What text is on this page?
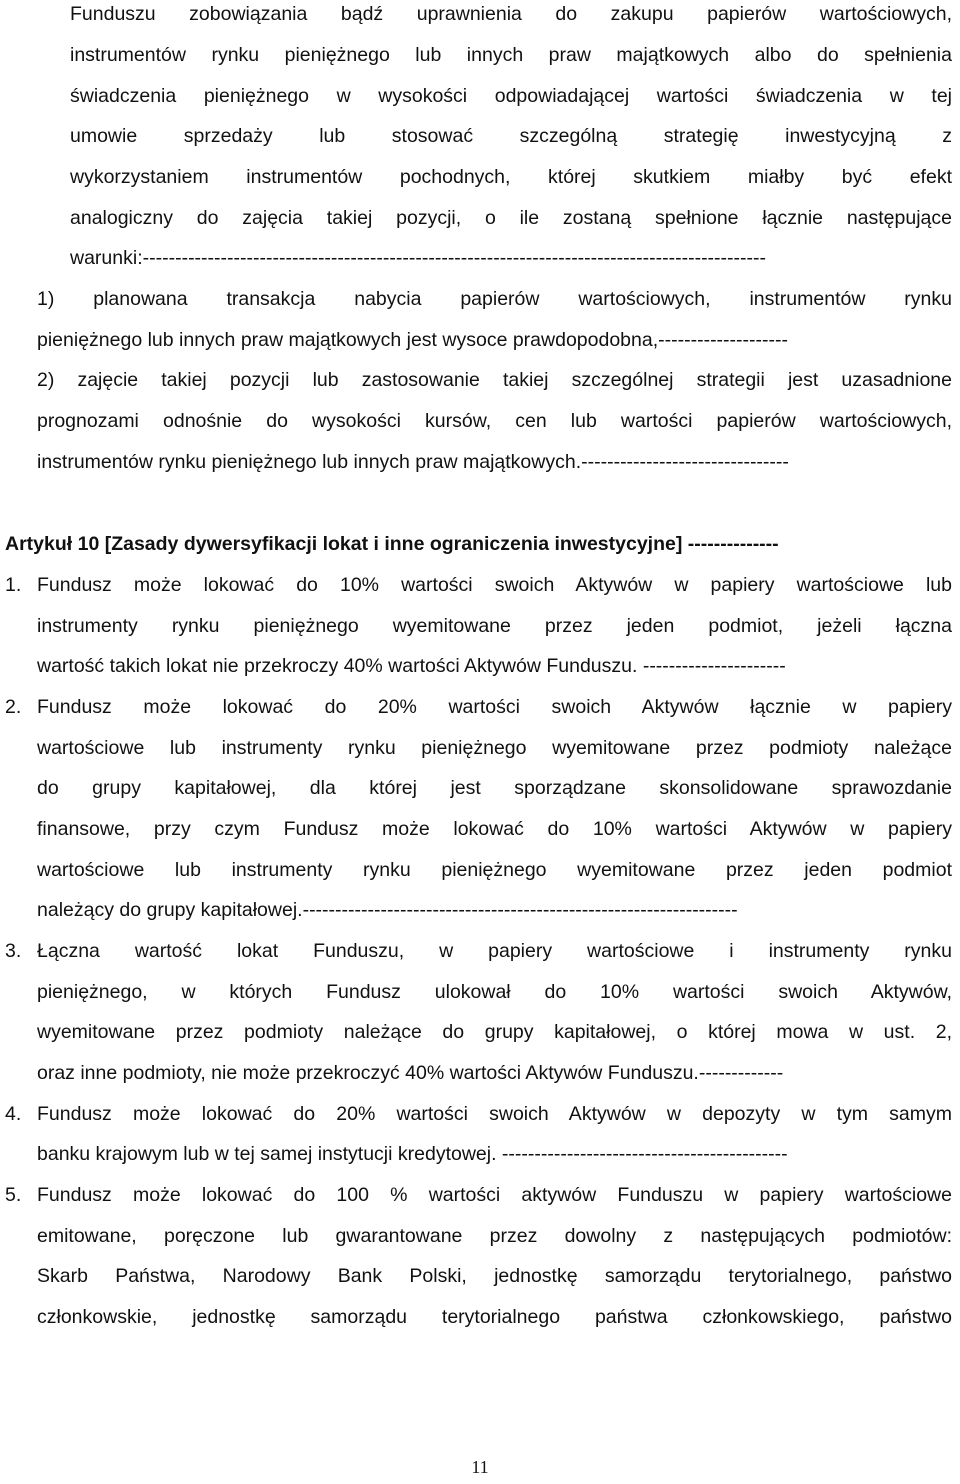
Funduszu zobowiązania bądź uprawnienia do zakupu papierów wartościowych,
instrumentów rynku pieniężnego lub innych praw majątkowych albo do spełnienia
świadczenia pieniężnego w wysokości odpowiadającej wartości świadczenia w tej
umowie sprzedaży lub stosować szczególną strategię inwestycyjną z
wykorzystaniem instrumentów pochodnych, której skutkiem miałby być efekt
analogiczny do zajęcia takiej pozycji, o ile zostaną spełnione łącznie następujące
warunki:------------------------------------------------------------------------------------------------
1) planowana transakcja nabycia papierów wartościowych, instrumentów rynku
pieniężnego lub innych praw majątkowych jest wysoce prawdopodobna,--------------------
2) zajęcie takiej pozycji lub zastosowanie takiej szczególnej strategii jest uzasadnione
prognozami odnośnie do wysokości kursów, cen lub wartości papierów wartościowych,
instrumentów rynku pieniężnego lub innych praw majątkowych.--------------------------------
Artykuł 10 [Zasady dywersyfikacji lokat i inne ograniczenia inwestycyjne] --------------
1. Fundusz może lokować do 10% wartości swoich Aktywów w papiery wartościowe lub
instrumenty rynku pieniężnego wyemitowane przez jeden podmiot, jeżeli łączna
wartość takich lokat nie przekroczy 40% wartości Aktywów Funduszu. ----------------------
2. Fundusz może lokować do 20% wartości swoich Aktywów łącznie w papiery
wartościowe lub instrumenty rynku pieniężnego wyemitowane przez podmioty należące
do grupy kapitałowej, dla której jest sporządzane skonsolidowane sprawozdanie
finansowe, przy czym Fundusz może lokować do 10% wartości Aktywów w papiery
wartościowe lub instrumenty rynku pieniężnego wyemitowane przez jeden podmiot
należący do grupy kapitałowej.-------------------------------------------------------------------
3. Łączna wartość lokat Funduszu, w papiery wartościowe i instrumenty rynku
pieniężnego, w których Fundusz ulokował do 10% wartości swoich Aktywów,
wyemitowane przez podmioty należące do grupy kapitałowej, o której mowa w ust. 2,
oraz inne podmioty, nie może przekroczyć 40% wartości Aktywów Funduszu.-------------
4. Fundusz może lokować do 20% wartości swoich Aktywów w depozyty w tym samym
banku krajowym lub w tej samej instytucji kredytowej. --------------------------------------------
5. Fundusz może lokować do 100 % wartości aktywów Funduszu w papiery wartościowe
emitowane, poręczone lub gwarantowane przez dowolny z następujących podmiotów:
Skarb Państwa, Narodowy Bank Polski, jednostkę samorządu terytorialnego, państwo
członkowskie, jednostkę samorządu terytorialnego państwa członkowskiego, państwo
11
